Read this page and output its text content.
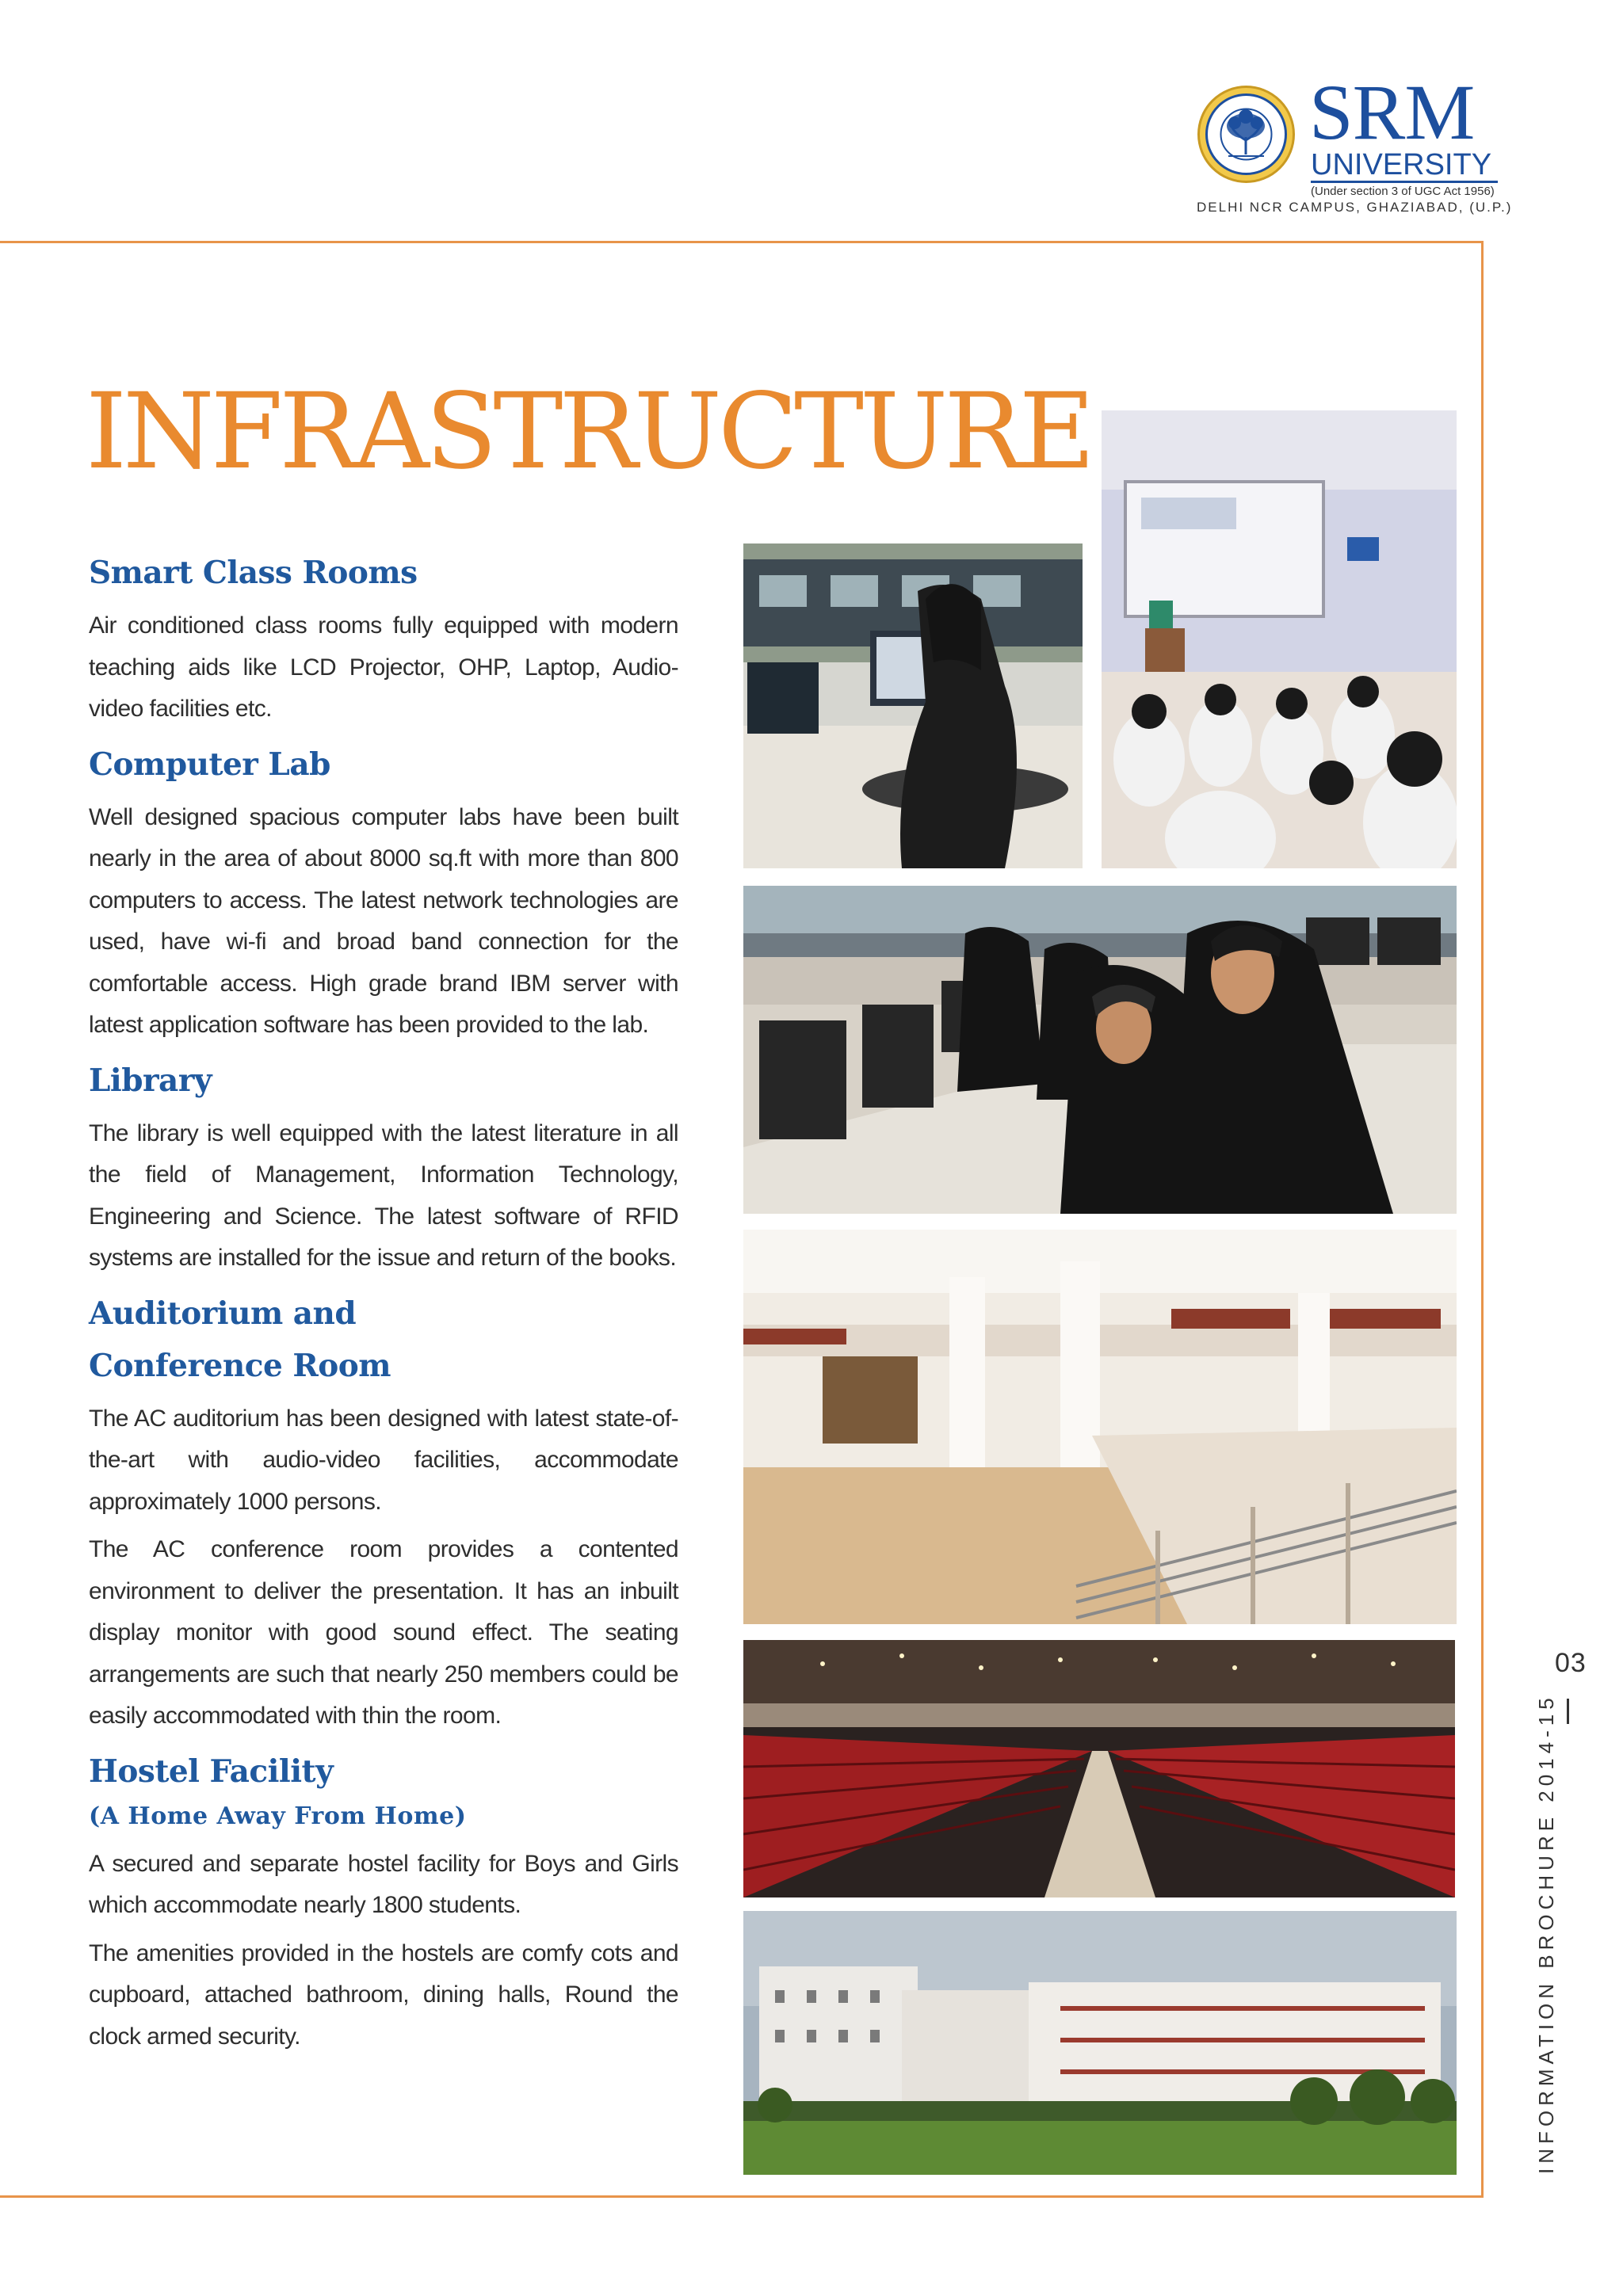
SRM
UNIVERSITY
(Under section 3 of UGC Act 1956)
DELHI NCR CAMPUS, GHAZIABAD, (U.P.)
INFRASTRUCTURE
Smart Class Rooms

Air conditioned class rooms fully equipped with modern teaching aids like LCD Projector, OHP, Laptop, Audio-video facilities etc.

Computer Lab

Well designed spacious computer labs have been built nearly in the area of about 8000 sq.ft with more than 800 computers to access. The latest network technologies are used, have wi-fi and broad band connection for the comfortable access. High grade brand IBM server with latest application software has been provided to the lab.

Library

The library is well equipped with the latest literature in all the field of Management, Information Technology, Engineering and Science. The latest software of RFID systems are installed for the issue and return of the books.

Auditorium and
Conference Room

The AC auditorium has been designed with latest state-of-the-art with audio-video facilities, accommodate approximately 1000 persons.

The AC conference room provides a contented environment to deliver the presentation. It has an inbuilt display monitor with good sound effect. The seating arrangements are such that nearly 250 members could be easily accommodated with thin the room.

Hostel Facility
(A Home Away From Home)

A secured and separate hostel facility for Boys and Girls which accommodate nearly 1800 students.

The amenities provided in the hostels are comfy cots and cupboard, attached bathroom, dining halls, Round the clock armed security.

03
INFORMATION BROCHURE 2014-15
